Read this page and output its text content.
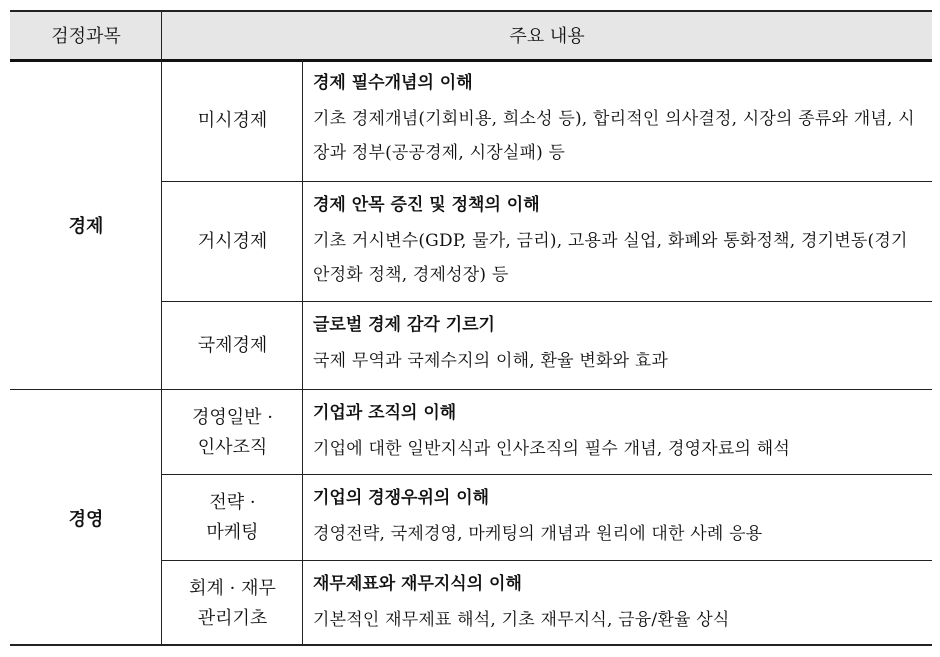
검정과목	주요 내용
경제
미시경제
경제 필수개념의 이해
기초 경제개념(기회비용, 희소성 등), 합리적인 의사결정, 시장의 종류와 개념, 시장과 정부(공공경제, 시장실패) 등
거시경제
경제 안목 증진 및 정책의 이해
기초 거시변수(GDP, 물가, 금리), 고용과 실업, 화폐와 통화정책, 경기변동(경기안정화 정책, 경제성장) 등
국제경제
글로벌 경제 감각 기르기
국제 무역과 국제수지의 이해, 환율 변화와 효과
경영
경영일반 ·
인사조직
기업과 조직의 이해
기업에 대한 일반지식과 인사조직의 필수 개념, 경영자료의 해석
전략 ·
마케팅
기업의 경쟁우위의 이해
경영전략, 국제경영, 마케팅의 개념과 원리에 대한 사례 응용
회계 · 재무
관리기초
재무제표와 재무지식의 이해
기본적인 재무제표 해석, 기초 재무지식, 금융/환율 상식
